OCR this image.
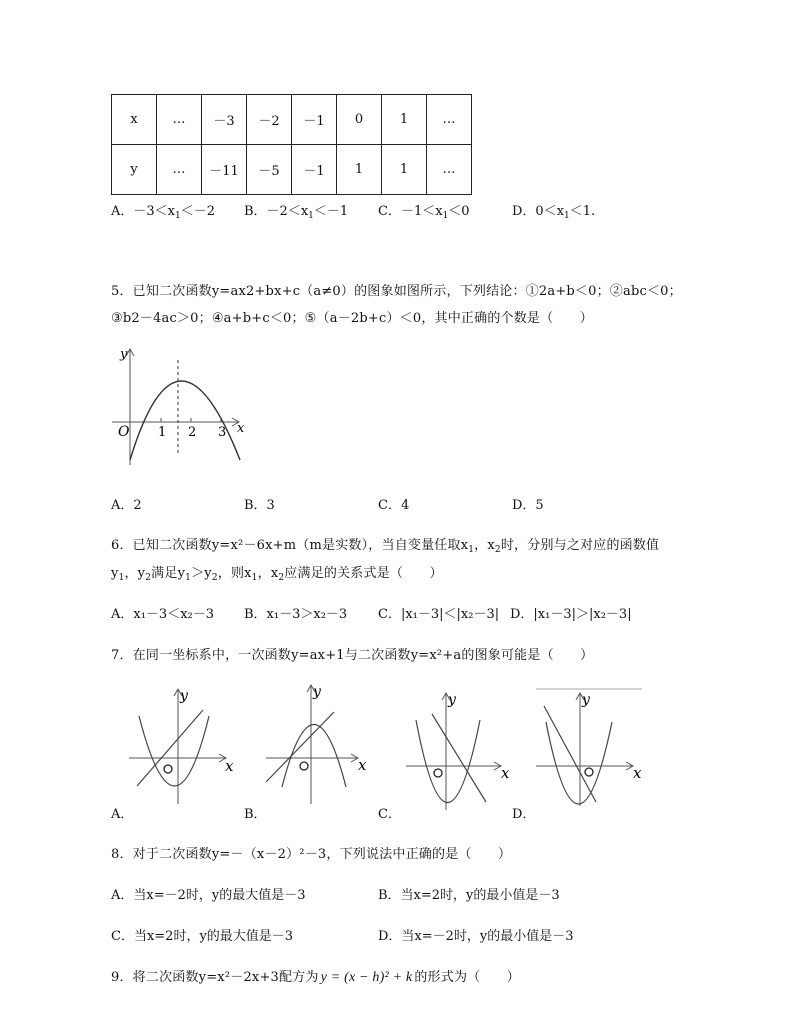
x	…	－3	－2	－1	0	1	…
y	…	－11	－5	－1	1	1	…
A．$-3<x_1<-2$ B．$-2<x_1<-1$ C．$-1<x_1<0$	D．$0<x_1<1$.
5．已知二次函数y=ax2+bx+c（a≠0）的图象如图所示，下列结论：①2a+b＜0；②abc＜0；
③b2－4ac＞0；④a+b+c＜0；⑤（a－2b+c）＜0，其中正确的个数是（　　）
y
x
O 1 2 3
A．2	B．3	C．4	D．5
6．已知二次函数y=x²－6x+m（m是实数），当自变量任取$x_1$，$x_2$时，分别与之对应的函数值
$y_1$，$y_2$满足$y_1>y_2$，则$x_1$，$x_2$应满足的关系式是（　　）
A．x₁－3＜x₂－3 B．x₁－3＞x₂－3 C．|x₁－3|＜|x₂－3| D．|x₁－3|＞|x₂－3|
7．在同一坐标系中，一次函数y=ax+1与二次函数y=x²+a的图象可能是（　　）
y
x
A．
y
x
B．
y
x
C．
y
x
D．
8．对于二次函数y=－（x－2）²－3，下列说法中正确的是（　　）
A．当x=－2时，y的最大值是－3	B．当x=2时，y的最小值是－3
C．当x=2时，y的最大值是－3	D．当x=－2时，y的最小值是－3
9．将二次函数y=x²－2x+3配方为 y = (x − h)² + k 的形式为（　　）
